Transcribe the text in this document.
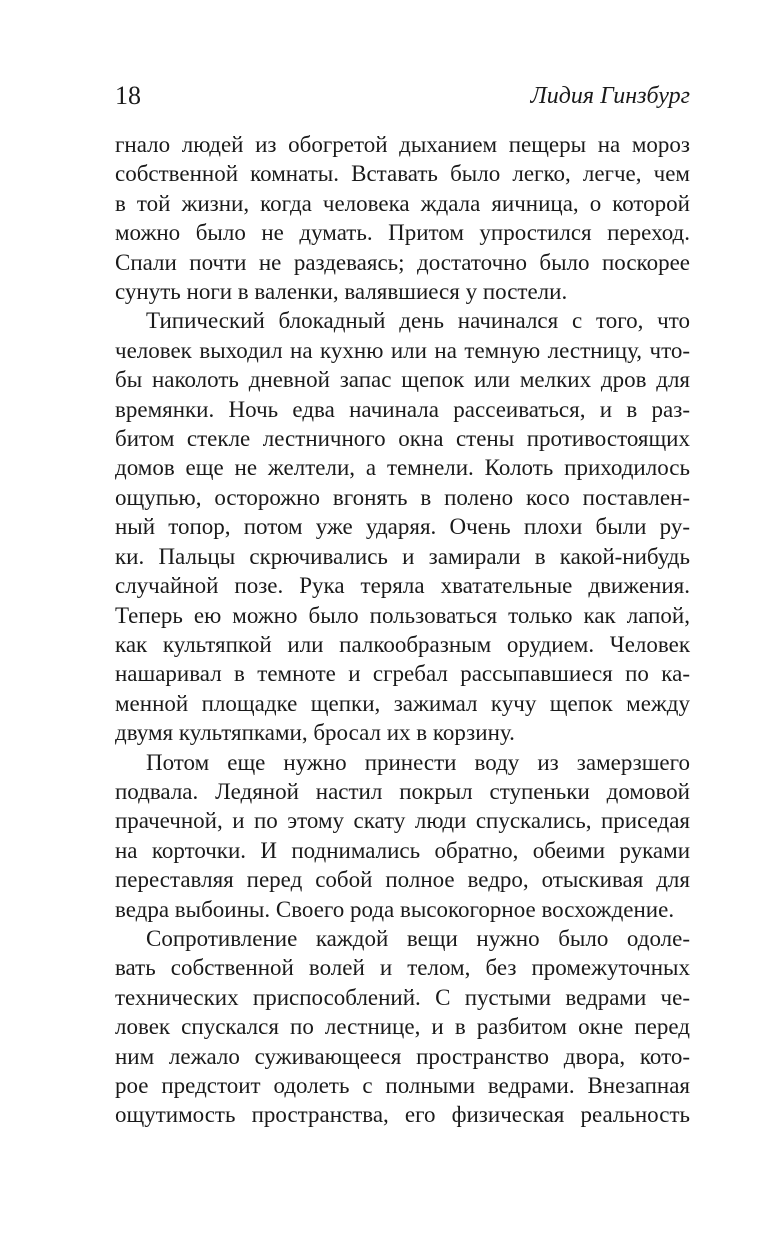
18	Лидия Гинзбург
гнало людей из обогретой дыханием пещеры на мороз
собственной комнаты. Вставать было легко, легче, чем
в той жизни, когда человека ждала яичница, о которой
можно было не думать. Притом упростился переход.
Спали почти не раздеваясь; достаточно было поскорее
сунуть ноги в валенки, валявшиеся у постели.
Типический блокадный день начинался с того, что
человек выходил на кухню или на темную лестницу, что-
бы наколоть дневной запас щепок или мелких дров для
времянки. Ночь едва начинала рассеиваться, и в раз-
битом стекле лестничного окна стены противостоящих
домов еще не желтели, а темнели. Колоть приходилось
ощупью, осторожно вгонять в полено косо поставлен-
ный топор, потом уже ударяя. Очень плохи были ру-
ки. Пальцы скрючивались и замирали в какой-нибудь
случайной позе. Рука теряла хватательные движения.
Теперь ею можно было пользоваться только как лапой,
как культяпкой или палкообразным орудием. Человек
нашаривал в темноте и сгребал рассыпавшиеся по ка-
менной площадке щепки, зажимал кучу щепок между
двумя культяпками, бросал их в корзину.
Потом еще нужно принести воду из замерзшего
подвала. Ледяной настил покрыл ступеньки домовой
прачечной, и по этому скату люди спускались, приседая
на корточки. И поднимались обратно, обеими руками
переставляя перед собой полное ведро, отыскивая для
ведра выбоины. Своего рода высокогорное восхождение.
Сопротивление каждой вещи нужно было одоле-
вать собственной волей и телом, без промежуточных
технических приспособлений. С пустыми ведрами че-
ловек спускался по лестнице, и в разбитом окне перед
ним лежало суживающееся пространство двора, кото-
рое предстоит одолеть с полными ведрами. Внезапная
ощутимость пространства, его физическая реальность
